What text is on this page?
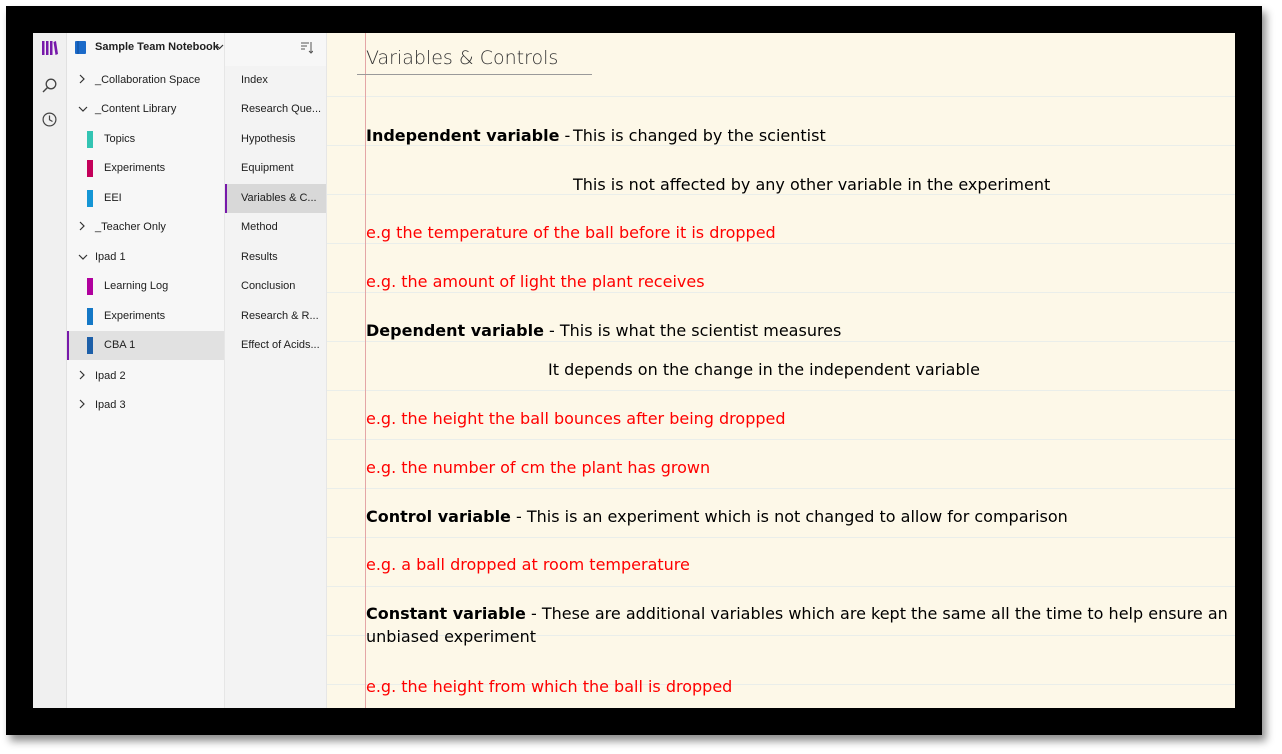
Sample Team Notebook
_Collaboration Space
_Content Library
Topics
Experiments
EEI
_Teacher Only
Ipad 1
Learning Log
Experiments
CBA 1
Ipad 2
Ipad 3
Index
Research Que...
Hypothesis
Equipment
Variables & C...
Method
Results
Conclusion
Research & R...
Effect of Acids...
Variables & Controls
Independent variable - This is changed by the scientist
This is not affected by any other variable in the experiment
e.g the temperature of the ball before it is dropped
e.g. the amount of light the plant receives
Dependent variable - This is what the scientist measures
It depends on the change in the independent variable
e.g. the height the ball bounces after being dropped
e.g. the number of cm the plant has grown
Control variable - This is an experiment which is not changed to allow for comparison
e.g. a ball dropped at room temperature
Constant variable - These are additional variables which are kept the same all the time to help ensure an
unbiased experiment
e.g. the height from which the ball is dropped
